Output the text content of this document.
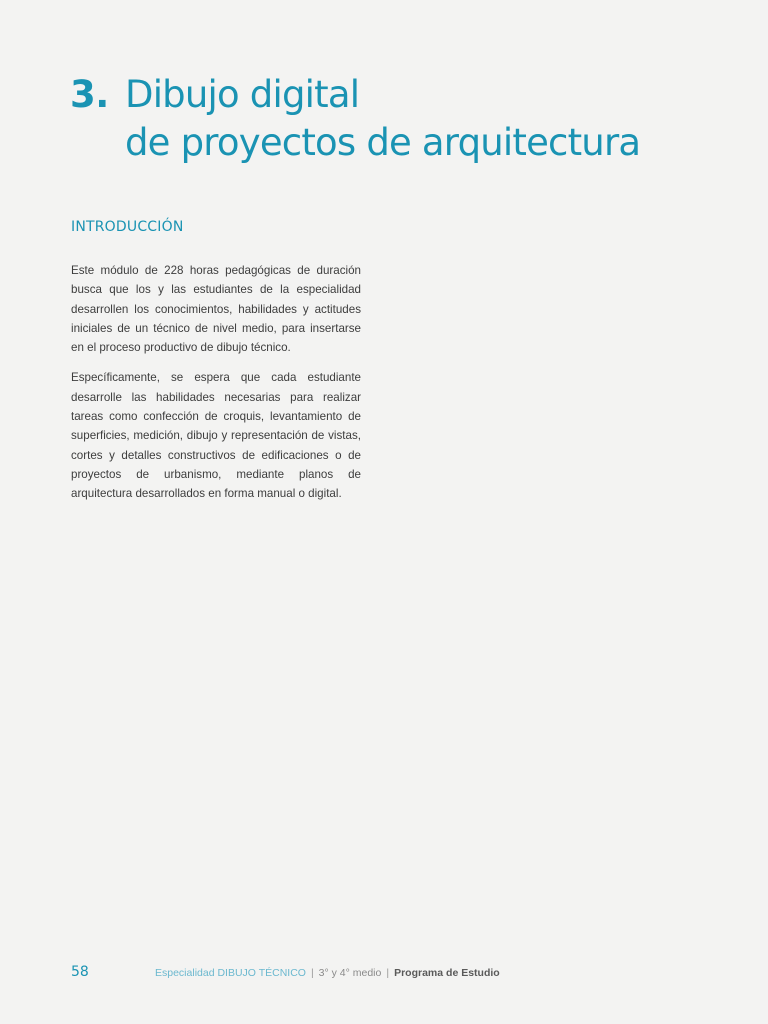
3. Dibujo digital
de proyectos de arquitectura
INTRODUCCIÓN

Este módulo de 228 horas pedagógicas de duración busca que los y las estudiantes de la especialidad desarrollen los conocimientos, habilidades y actitudes iniciales de un técnico de nivel medio, para insertarse en el proceso productivo de dibujo técnico.

Específicamente, se espera que cada estudiante desarrolle las habilidades necesarias para realizar tareas como confección de croquis, levantamiento de superficies, medición, dibujo y representación de vistas, cortes y detalles constructivos de edificaciones o de proyectos de urbanismo, mediante planos de arquitectura desarrollados en forma manual o digital.

58	Especialidad DIBUJO TÉCNICO | 3° y 4° medio | Programa de Estudio
